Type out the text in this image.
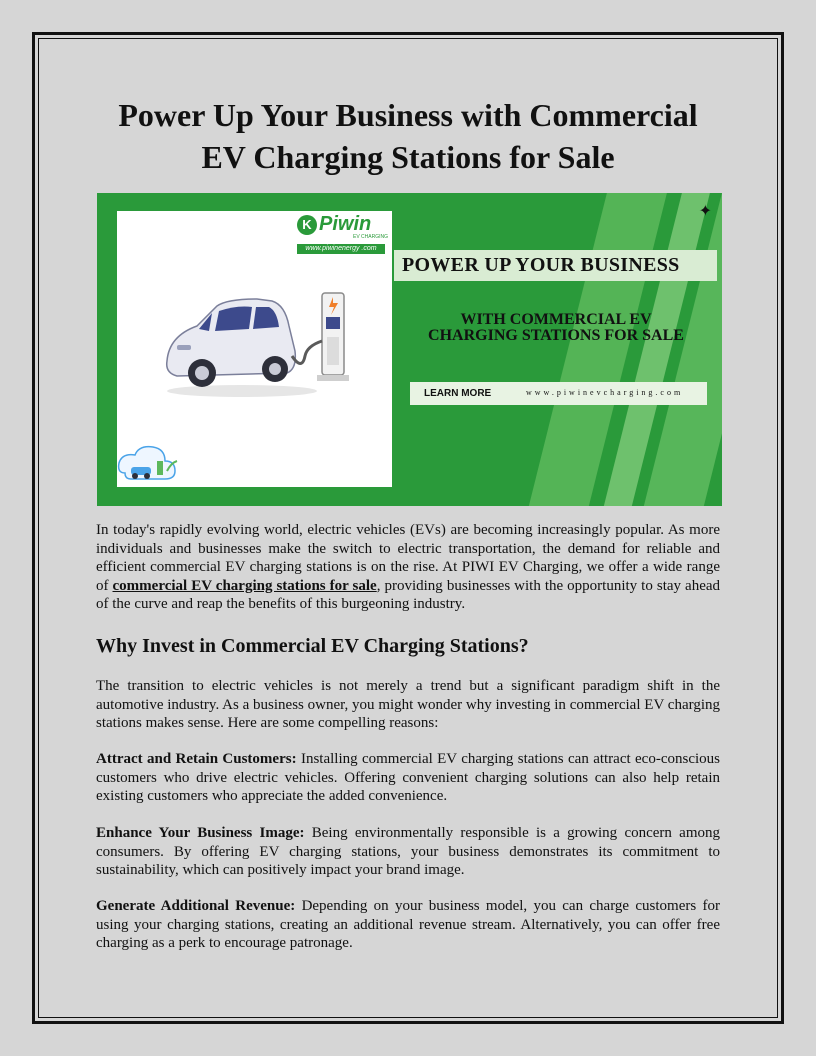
Power Up Your Business with Commercial
EV Charging Stations for Sale
✦
K Piwin
EV CHARGING
www.piwinenergy .com
POWER UP YOUR BUSINESS
WITH COMMERCIAL EV
CHARGING STATIONS FOR SALE
LEARN MORE	www.piwinevcharging.com

In today's rapidly evolving world, electric vehicles (EVs) are becoming increasingly popular. As more individuals and businesses make the switch to electric transportation, the demand for reliable and efficient commercial EV charging stations is on the rise. At PIWI EV Charging, we offer a wide range of commercial EV charging stations for sale, providing businesses with the opportunity to stay ahead of the curve and reap the benefits of this burgeoning industry.

Why Invest in Commercial EV Charging Stations?

The transition to electric vehicles is not merely a trend but a significant paradigm shift in the automotive industry. As a business owner, you might wonder why investing in commercial EV charging stations makes sense. Here are some compelling reasons:

Attract and Retain Customers: Installing commercial EV charging stations can attract eco-conscious customers who drive electric vehicles. Offering convenient charging solutions can also help retain existing customers who appreciate the added convenience.

Enhance Your Business Image: Being environmentally responsible is a growing concern among consumers. By offering EV charging stations, your business demonstrates its commitment to sustainability, which can positively impact your brand image.

Generate Additional Revenue: Depending on your business model, you can charge customers for using your charging stations, creating an additional revenue stream. Alternatively, you can offer free charging as a perk to encourage patronage.
